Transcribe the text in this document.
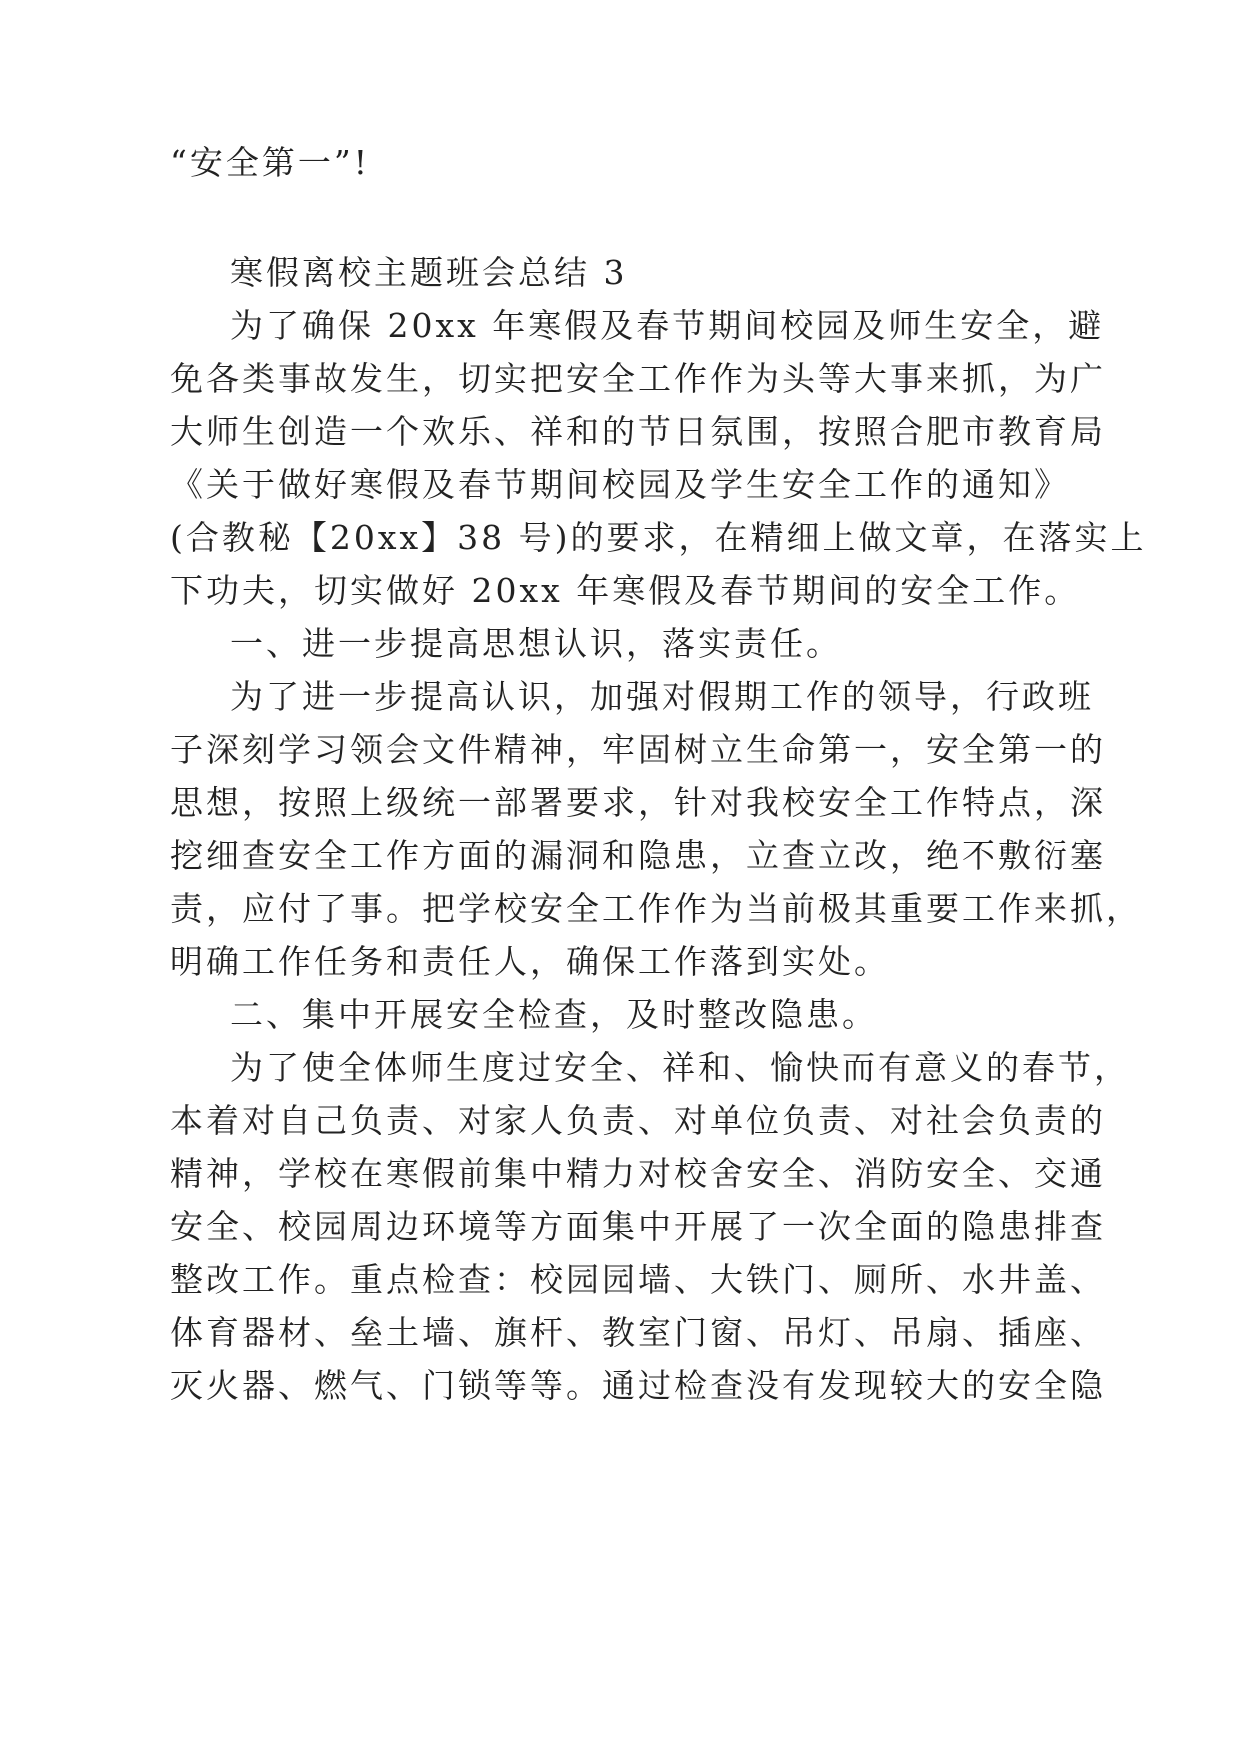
“安全第一”!
寒假离校主题班会总结 3
为了确保 20xx 年寒假及春节期间校园及师生安全，避
免各类事故发生，切实把安全工作作为头等大事来抓，为广
大师生创造一个欢乐、祥和的节日氛围，按照合肥市教育局
《关于做好寒假及春节期间校园及学生安全工作的通知》
(合教秘【20xx】38 号)的要求，在精细上做文章，在落实上
下功夫，切实做好 20xx 年寒假及春节期间的安全工作。
一、进一步提高思想认识，落实责任。
为了进一步提高认识，加强对假期工作的领导，行政班
子深刻学习领会文件精神，牢固树立生命第一，安全第一的
思想，按照上级统一部署要求，针对我校安全工作特点，深
挖细查安全工作方面的漏洞和隐患，立查立改，绝不敷衍塞
责，应付了事。把学校安全工作作为当前极其重要工作来抓，
明确工作任务和责任人，确保工作落到实处。
二、集中开展安全检查，及时整改隐患。
为了使全体师生度过安全、祥和、愉快而有意义的春节，
本着对自己负责、对家人负责、对单位负责、对社会负责的
精神，学校在寒假前集中精力对校舍安全、消防安全、交通
安全、校园周边环境等方面集中开展了一次全面的隐患排查
整改工作。重点检查：校园园墙、大铁门、厕所、水井盖、
体育器材、垒土墙、旗杆、教室门窗、吊灯、吊扇、插座、
灭火器、燃气、门锁等等。通过检查没有发现较大的安全隐
